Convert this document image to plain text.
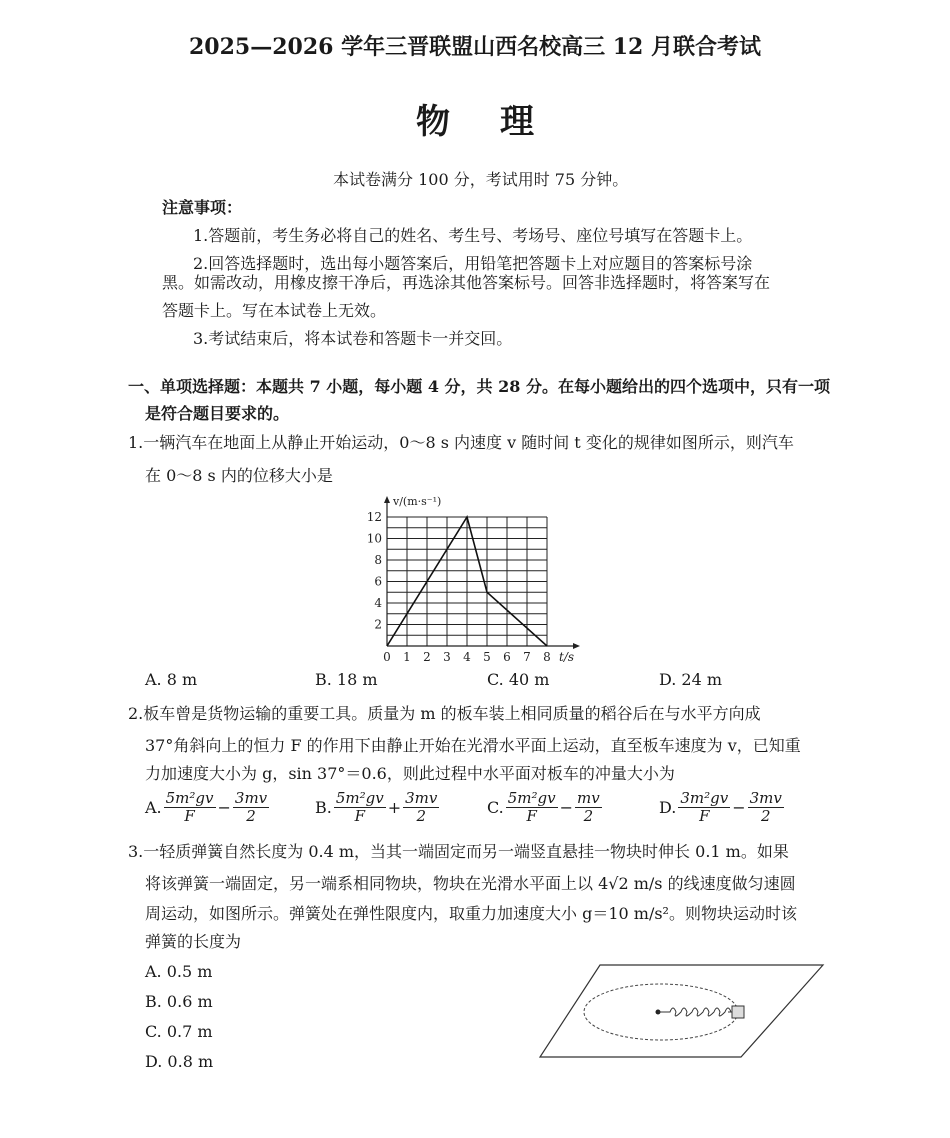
2025—2026 学年三晋联盟山西名校高三 12 月联合考试
物理
本试卷满分 100 分，考试用时 75 分钟。
注意事项：
1.答题前，考生务必将自己的姓名、考生号、考场号、座位号填写在答题卡上。
2.回答选择题时，选出每小题答案后，用铅笔把答题卡上对应题目的答案标号涂
黑。如需改动，用橡皮擦干净后，再选涂其他答案标号。回答非选择题时，将答案写在
答题卡上。写在本试卷上无效。
3.考试结束后，将本试卷和答题卡一并交回。
一、单项选择题：本题共 7 小题，每小题 4 分，共 28 分。在每小题给出的四个选项中，只有一项
是符合题目要求的。
1.一辆汽车在地面上从静止开始运动，0～8 s 内速度 v 随时间 t 变化的规律如图所示，则汽车
在 0～8 s 内的位移大小是
0 1 2 3 4 5 6 7 8
2
4
6
8
10
12
t/s
v/(m·s⁻¹)
A. 8 m	B. 18 m	C. 40 m	D. 24 m
2.板车曾是货物运输的重要工具。质量为 m 的板车装上相同质量的稻谷后在与水平方向成
37°角斜向上的恒力 F 的作用下由静止开始在光滑水平面上运动，直至板车速度为 v，已知重
力加速度大小为 g，sin 37°＝0.6，则此过程中水平面对板车的冲量大小为
A. $\frac{\text{5m²gv}}{F} - \frac{3mv}{2}$	B. $\frac{\text{5m²gv}}{F} + \frac{3mv}{2}$	C. $\frac{\text{5m²gv}}{F} - \frac{mv}{2}$	D. $\frac{\text{3m²gv}}{F} - \frac{3mv}{2}$
3.一轻质弹簧自然长度为 0.4 m，当其一端固定而另一端竖直悬挂一物块时伸长 0.1 m。如果
将该弹簧一端固定，另一端系相同物块，物块在光滑水平面上以 4√2 m/s 的线速度做匀速圆
周运动，如图所示。弹簧处在弹性限度内，取重力加速度大小 g＝10 m/s²。则物块运动时该
弹簧的长度为
A. 0.5 m
B. 0.6 m
C. 0.7 m
D. 0.8 m
